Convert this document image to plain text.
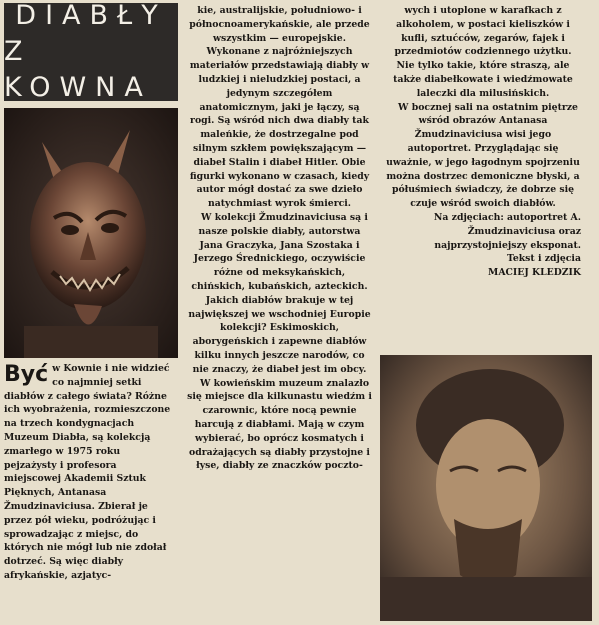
DIABŁY
Z KOWNA
Być w Kownie i nie widzieć co najmniej setki diabłów z całego świata? Różne ich wyobrażenia, rozmieszczone na trzech kondygnacjach Muzeum Diabła, są kolekcją zmarłego w 1975 roku pejzażysty i profesora miejscowej Akademii Sztuk Pięknych, Antanasa Žmudzinaviciusa. Zbierał je przez pół wieku, podróżując i sprowadzając z miejsc, do których nie mógł lub nie zdołał dotrzeć. Są więc diabły afrykańskie, azjatyc-

kie, australijskie, południowo- i północnoamerykańskie, ale przede wszystkim — europejskie. Wykonane z najróżniejszych materiałów przedstawiają diabły w ludzkiej i nieludzkiej postaci, a jedynym szczegółem anatomicznym, jaki je łączy, są rogi. Są wśród nich dwa diabły tak maleńkie, że dostrzegalne pod silnym szkłem powiększającym — diabeł Stalin i diabeł Hitler. Obie figurki wykonano w czasach, kiedy autor mógł dostać za swe dzieło natychmiast wyrok śmierci.

W kolekcji Žmudzinaviciusa są i nasze polskie diabły, autorstwa Jana Graczyka, Jana Szostaka i Jerzego Średnickiego, oczywiście różne od meksykańskich, chińskich, kubańskich, azteckich. Jakich diabłów brakuje w tej największej we wschodniej Europie kolekcji? Eskimoskich, aborygeńskich i zapewne diabłów kilku innych jeszcze narodów, co nie znaczy, że diabeł jest im obcy.

W kowieńskim muzeum znalazło się miejsce dla kilkunastu wiedźm i czarownic, które nocą pewnie harcują z diabłami. Mają w czym wybierać, bo oprócz kosmatych i odrażających są diabły przystojne i łyse, diabły ze znaczków poczto-

wych i utoplone w karafkach z alkoholem, w postaci kieliszków i kufli, sztućców, zegarów, fajek i przedmiotów codziennego użytku. Nie tylko takie, które straszą, ale także diabełkowate i wiedźmowate laleczki dla milusińskich.

W bocznej sali na ostatnim piętrze wśród obrazów Antanasa Žmudzinaviciusa wisi jego autoportret. Przyglądając się uważnie, w jego łagodnym spojrzeniu można dostrzec demoniczne błyski, a półuśmiech świadczy, że dobrze się czuje wśród swoich diabłów.

Na zdjęciach: autoportret A. Žmudzinaviciusa oraz najprzystojniejszy eksponat.

Tekst i zdjęcia

MACIEJ KLEDZIK
